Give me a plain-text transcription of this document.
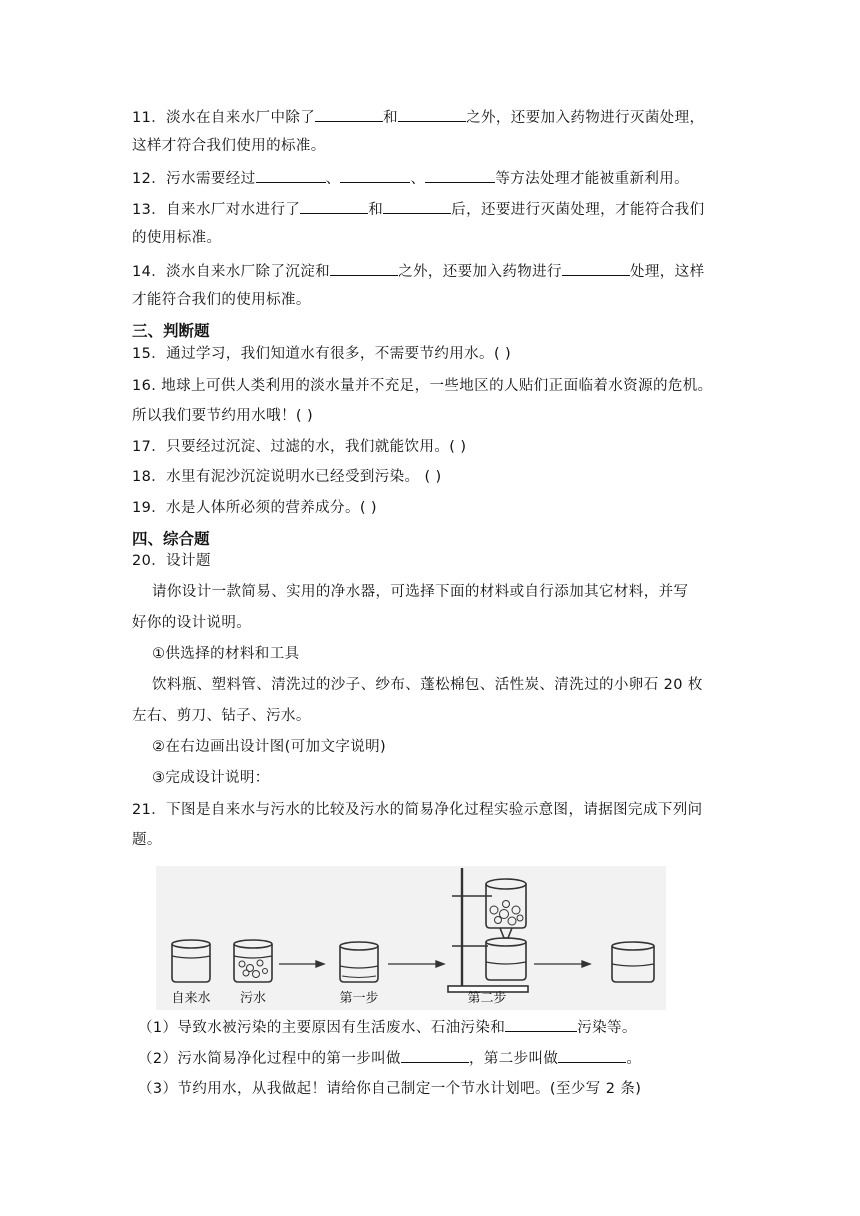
11．淡水在自来水厂中除了	和	之外，还要加入药物进行灭菌处理，
这样才符合我们使用的标准。
12．污水需要经过	、	、	等方法处理才能被重新利用。
13．自来水厂对水进行了	和	后，还要进行灭菌处理，才能符合我们
的使用标准。
14．淡水自来水厂除了沉淀和	之外，还要加入药物进行	处理，这样
才能符合我们的使用标准。
三、判断题
15．通过学习，我们知道水有很多，不需要节约用水。( )
16. 地球上可供人类利用的淡水量并不充足，一些地区的人贴们正面临着水资源的危机。
所以我们要节约用水哦！( )
17．只要经过沉淀、过滤的水，我们就能饮用。( )
18．水里有泥沙沉淀说明水已经受到污染。 ( )
19．水是人体所必须的营养成分。( )
四、综合题
20．设计题
请你设计一款简易、实用的净水器，可选择下面的材料或自行添加其它材料，并写
好你的设计说明。
①供选择的材料和工具
饮料瓶、塑料管、清洗过的沙子、纱布、蓬松棉包、活性炭、清洗过的小卵石 20 枚
左右、剪刀、钻子、污水。
②在右边画出设计图(可加文字说明)
③完成设计说明：
21．下图是自来水与污水的比较及污水的简易净化过程实验示意图，请据图完成下列问
题。
自来水 污水	第一步	第二步
（1）导致水被污染的主要原因有生活废水、石油污染和	污染等。
（2）污水简易净化过程中的第一步叫做	，第二步叫做	。
（3）节约用水，从我做起！请给你自己制定一个节水计划吧。(至少写 2 条)
